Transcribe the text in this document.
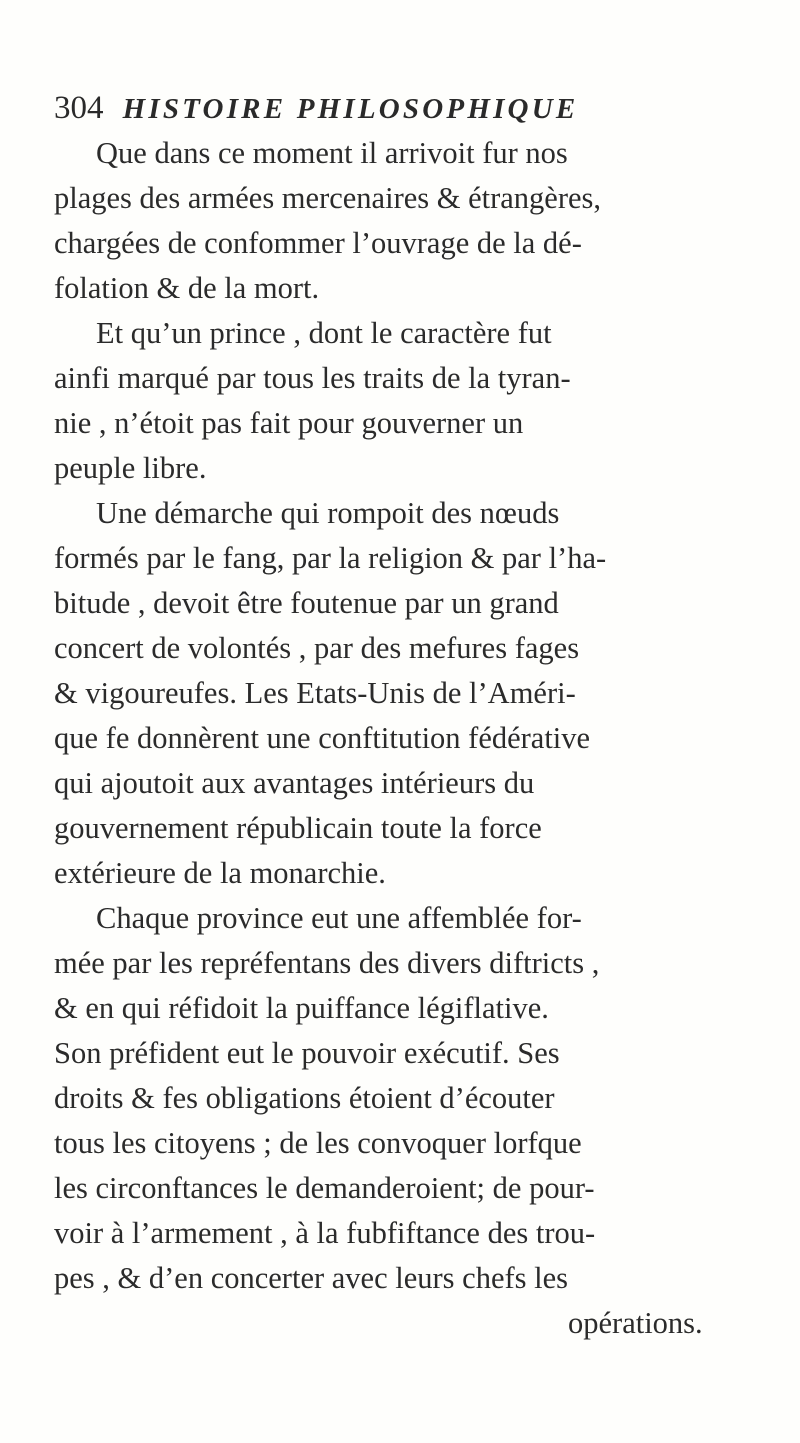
304 HISTOIRE PHILOSOPHIQUE
Que dans ce moment il arrivoit fur nos
plages des armées mercenaires & étrangères,
chargées de confommer l’ouvrage de la dé-
folation & de la mort.
Et qu’un prince , dont le caractère fut
ainfi marqué par tous les traits de la tyran-
nie , n’étoit pas fait pour gouverner un
peuple libre.
Une démarche qui rompoit des nœuds
formés par le fang, par la religion & par l’ha-
bitude , devoit être foutenue par un grand
concert de volontés , par des mefures fages
& vigoureufes. Les Etats-Unis de l’Améri-
que fe donnèrent une conftitution fédérative
qui ajoutoit aux avantages intérieurs du
gouvernement républicain toute la force
extérieure de la monarchie.
Chaque province eut une affemblée for-
mée par les repréfentans des divers diftricts ,
& en qui réfidoit la puiffance légiflative.
Son préfident eut le pouvoir exécutif. Ses
droits & fes obligations étoient d’écouter
tous les citoyens ; de les convoquer lorfque
les circonftances le demanderoient; de pour-
voir à l’armement , à la fubfiftance des trou-
pes , & d’en concerter avec leurs chefs les
opérations.
